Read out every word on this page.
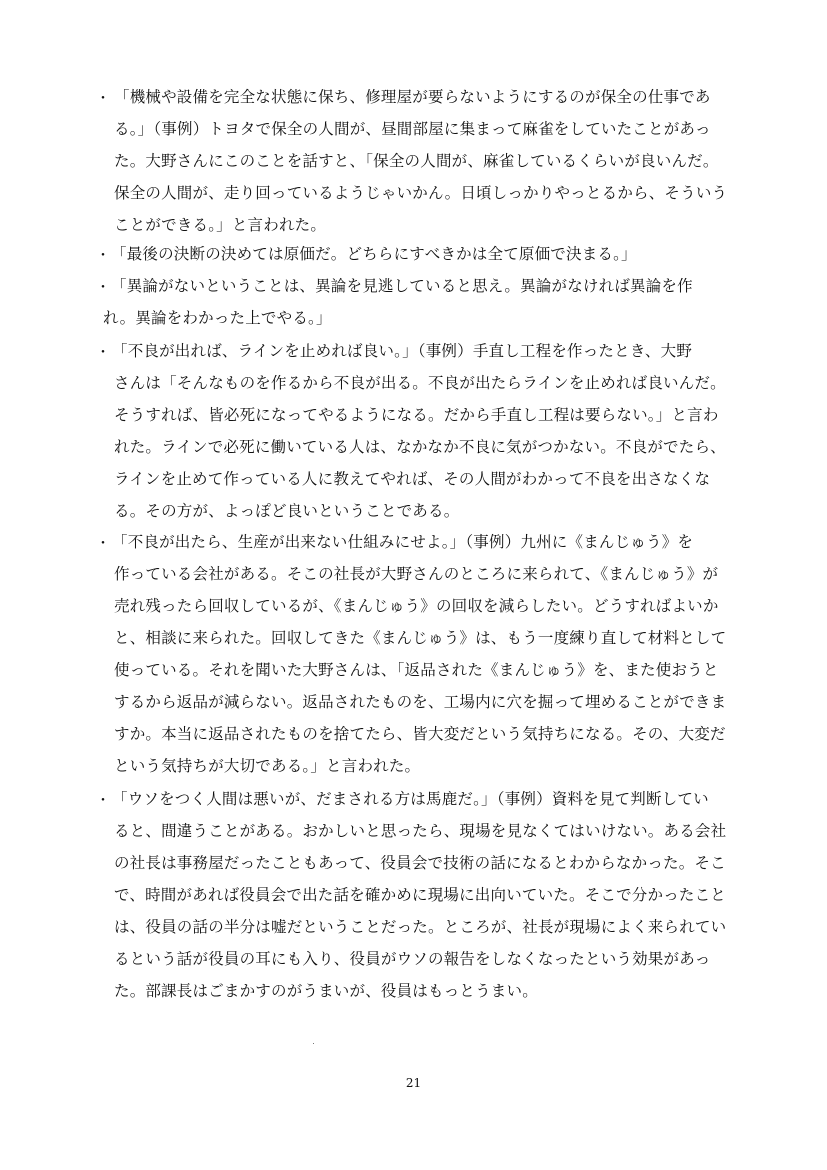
・ 「機械や設備を完全な状態に保ち、修理屋が要らないようにするのが保全の仕事であ
る。」（事例）トヨタで保全の人間が、昼間部屋に集まって麻雀をしていたことがあっ
た。大野さんにこのことを話すと、「保全の人間が、麻雀しているくらいが良いんだ。
保全の人間が、走り回っているようじゃいかん。日頃しっかりやっとるから、そういう
ことができる。」と言われた。
・ 「最後の決断の決めては原価だ。どちらにすべきかは全て原価で決まる。」
・ 「異論がないということは、異論を見逃していると思え。異論がなければ異論を作
れ。異論をわかった上でやる。」
・ 「不良が出れば、ラインを止めれば良い。」（事例）手直し工程を作ったとき、大野
さんは「そんなものを作るから不良が出る。不良が出たらラインを止めれば良いんだ。
そうすれば、皆必死になってやるようになる。だから手直し工程は要らない。」と言わ
れた。ラインで必死に働いている人は、なかなか不良に気がつかない。不良がでたら、
ラインを止めて作っている人に教えてやれば、その人間がわかって不良を出さなくな
る。その方が、よっぽど良いということである。
・ 「不良が出たら、生産が出来ない仕組みにせよ。」（事例）九州に《まんじゅう》を
作っている会社がある。そこの社長が大野さんのところに来られて、《まんじゅう》が
売れ残ったら回収しているが、《まんじゅう》の回収を減らしたい。どうすればよいか
と、相談に来られた。回収してきた《まんじゅう》は、もう一度練り直して材料として
使っている。それを聞いた大野さんは、「返品された《まんじゅう》を、また使おうと
するから返品が減らない。返品されたものを、工場内に穴を掘って埋めることができま
すか。本当に返品されたものを捨てたら、皆大変だという気持ちになる。その、大変だ
という気持ちが大切である。」と言われた。
・ 「ウソをつく人間は悪いが、だまされる方は馬鹿だ。」（事例）資料を見て判断してい
ると、間違うことがある。おかしいと思ったら、現場を見なくてはいけない。ある会社
の社長は事務屋だったこともあって、役員会で技術の話になるとわからなかった。そこ
で、時間があれば役員会で出た話を確かめに現場に出向いていた。そこで分かったこと
は、役員の話の半分は嘘だということだった。ところが、社長が現場によく来られてい
るという話が役員の耳にも入り、役員がウソの報告をしなくなったという効果があっ
た。部課長はごまかすのがうまいが、役員はもっとうまい。
21
